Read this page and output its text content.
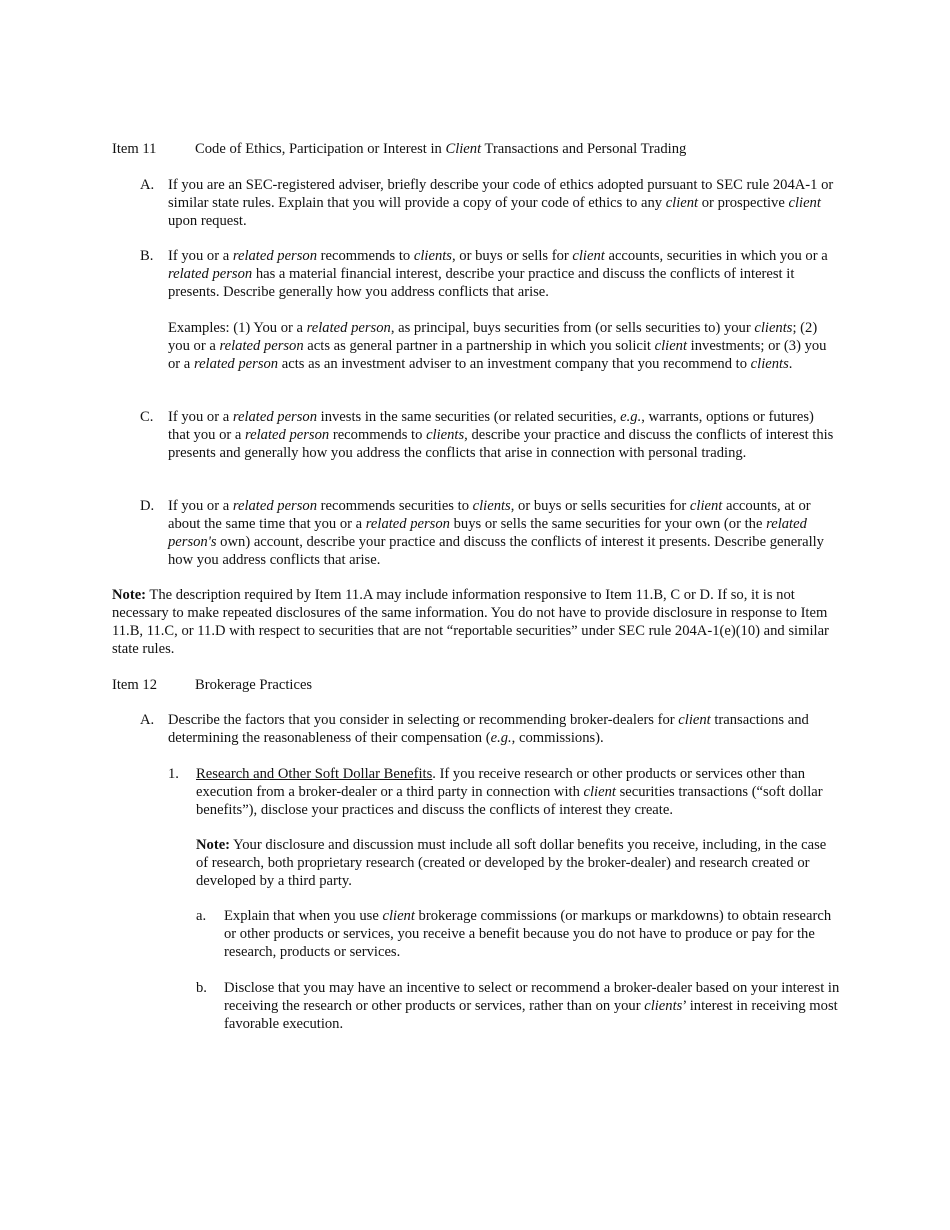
Item 11	Code of Ethics, Participation or Interest in Client Transactions and Personal Trading

A. If you are an SEC-registered adviser, briefly describe your code of ethics adopted pursuant to SEC rule 204A-1 or similar state rules. Explain that you will provide a copy of your code of ethics to any client or prospective client upon request.

B. If you or a related person recommends to clients, or buys or sells for client accounts, securities in which you or a related person has a material financial interest, describe your practice and discuss the conflicts of interest it presents. Describe generally how you address conflicts that arise.

Examples: (1) You or a related person, as principal, buys securities from (or sells securities to) your clients; (2) you or a related person acts as general partner in a partnership in which you solicit client investments; or (3) you or a related person acts as an investment adviser to an investment company that you recommend to clients.

C. If you or a related person invests in the same securities (or related securities, e.g., warrants, options or futures) that you or a related person recommends to clients, describe your practice and discuss the conflicts of interest this presents and generally how you address the conflicts that arise in connection with personal trading.

D. If you or a related person recommends securities to clients, or buys or sells securities for client accounts, at or about the same time that you or a related person buys or sells the same securities for your own (or the related person's own) account, describe your practice and discuss the conflicts of interest it presents. Describe generally how you address conflicts that arise.

Note: The description required by Item 11.A may include information responsive to Item 11.B, C or D. If so, it is not necessary to make repeated disclosures of the same information. You do not have to provide disclosure in response to Item 11.B, 11.C, or 11.D with respect to securities that are not “reportable securities” under SEC rule 204A-1(e)(10) and similar state rules.

Item 12	Brokerage Practices

A. Describe the factors that you consider in selecting or recommending broker-dealers for client transactions and determining the reasonableness of their compensation (e.g., commissions).

1. Research and Other Soft Dollar Benefits. If you receive research or other products or services other than execution from a broker-dealer or a third party in connection with client securities transactions (“soft dollar benefits”), disclose your practices and discuss the conflicts of interest they create.

Note: Your disclosure and discussion must include all soft dollar benefits you receive, including, in the case of research, both proprietary research (created or developed by the broker-dealer) and research created or developed by a third party.

a. Explain that when you use client brokerage commissions (or markups or markdowns) to obtain research or other products or services, you receive a benefit because you do not have to produce or pay for the research, products or services.

b. Disclose that you may have an incentive to select or recommend a broker-dealer based on your interest in receiving the research or other products or services, rather than on your clients’ interest in receiving most favorable execution.
